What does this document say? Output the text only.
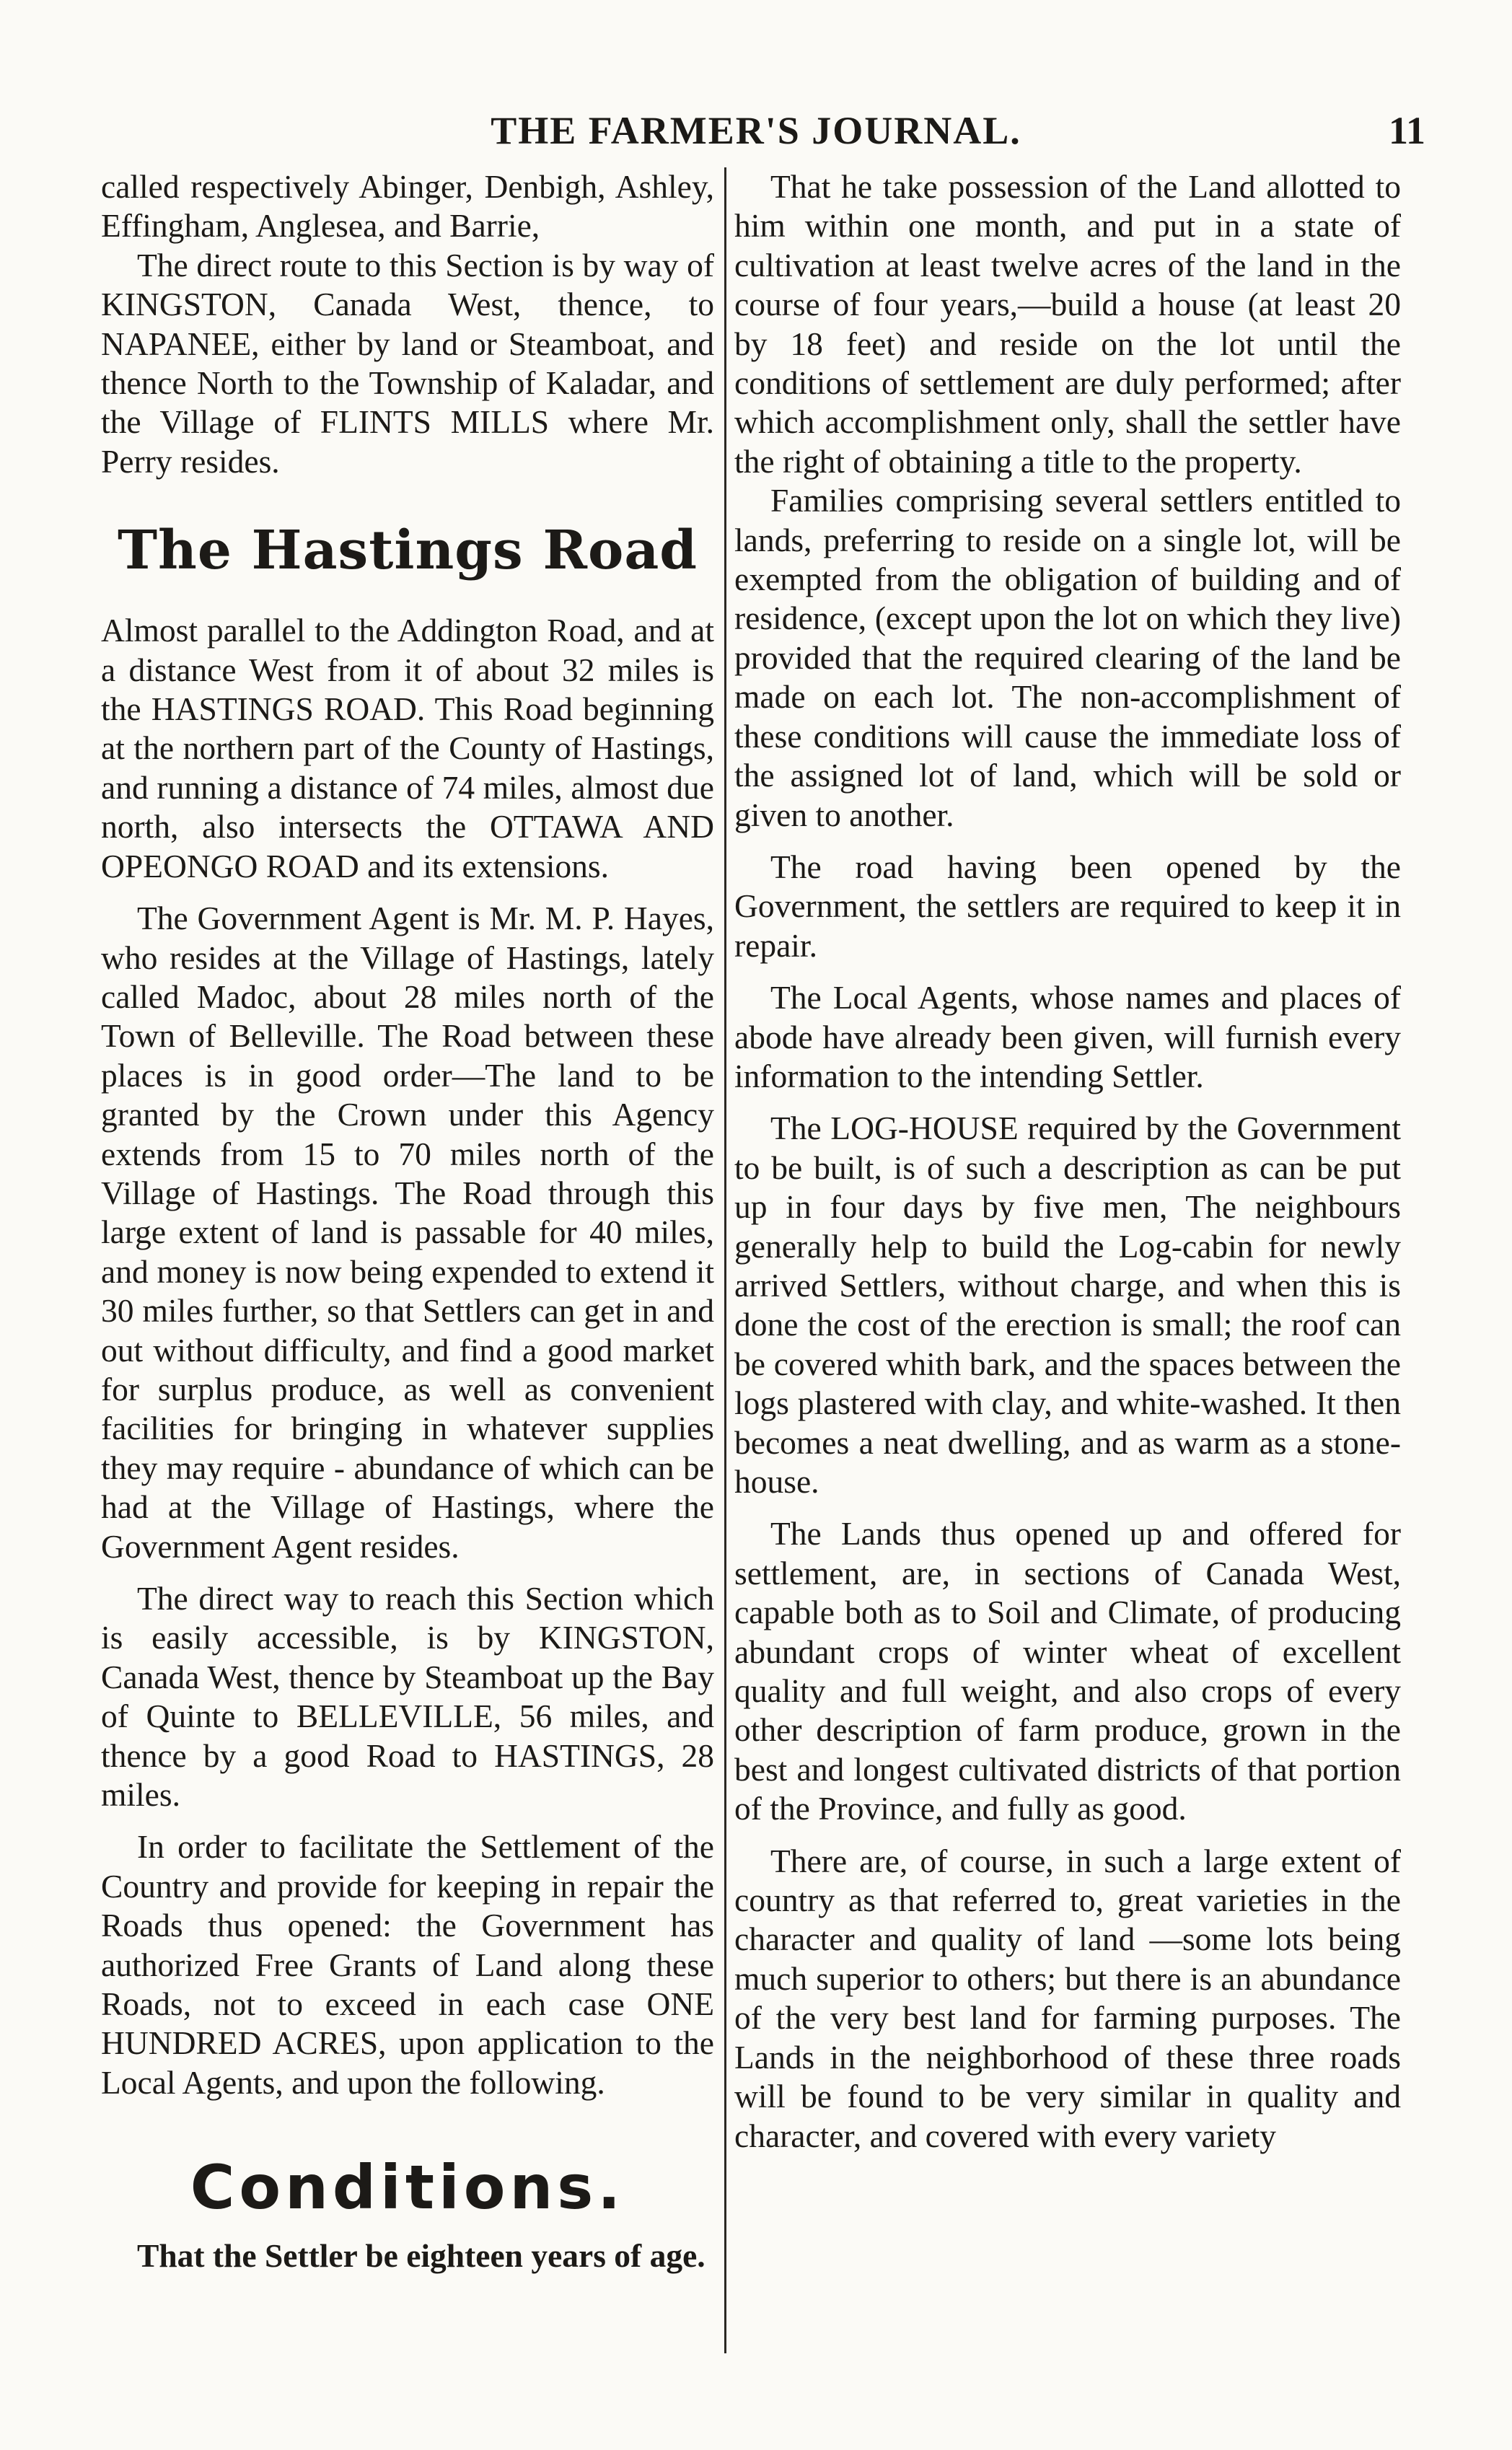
THE FARMER'S JOURNAL.	11

called respectively Abinger, Denbigh, Ashley, Effingham, Anglesea, and Barrie,

The direct route to this Section is by way of KINGSTON, Canada West, thence, to NAPANEE, either by land or Steamboat, and thence North to the Township of Kaladar, and the Village of FLINTS MILLS where Mr. Perry resides.

The Hastings Road

Almost parallel to the Addington Road, and at a distance West from it of about 32 miles is the HASTINGS ROAD. This Road beginning at the northern part of the County of Hastings, and running a distance of 74 miles, almost due north, also intersects the OTTAWA AND OPEONGO ROAD and its extensions.

The Government Agent is Mr. M. P. Hayes, who resides at the Village of Hastings, lately called Madoc, about 28 miles north of the Town of Belleville. The Road between these places is in good order—The land to be granted by the Crown under this Agency extends from 15 to 70 miles north of the Village of Hastings. The Road through this large extent of land is passable for 40 miles, and money is now being expended to extend it 30 miles further, so that Settlers can get in and out without difficulty, and find a good market for surplus produce, as well as convenient facilities for bringing in whatever supplies they may require - abundance of which can be had at the Village of Hastings, where the Government Agent resides.

The direct way to reach this Section which is easily accessible, is by KINGSTON, Canada West, thence by Steamboat up the Bay of Quinte to BELLEVILLE, 56 miles, and thence by a good Road to HASTINGS, 28 miles.

In order to facilitate the Settlement of the Country and provide for keeping in repair the Roads thus opened: the Government has authorized Free Grants of Land along these Roads, not to exceed in each case ONE HUNDRED ACRES, upon application to the Local Agents, and upon the following.

Conditions.

That the Settler be eighteen years of age.

That he take possession of the Land allotted to him within one month, and put in a state of cultivation at least twelve acres of the land in the course of four years,—build a house (at least 20 by 18 feet) and reside on the lot until the conditions of settlement are duly performed; after which accomplishment only, shall the settler have the right of obtaining a title to the property.

Families comprising several settlers entitled to lands, preferring to reside on a single lot, will be exempted from the obligation of building and of residence, (except upon the lot on which they live) provided that the required clearing of the land be made on each lot. The non-accomplishment of these conditions will cause the immediate loss of the assigned lot of land, which will be sold or given to another.

The road having been opened by the Government, the settlers are required to keep it in repair.

The Local Agents, whose names and places of abode have already been given, will furnish every information to the intending Settler.

The LOG-HOUSE required by the Government to be built, is of such a description as can be put up in four days by five men, The neighbours generally help to build the Log-cabin for newly arrived Settlers, without charge, and when this is done the cost of the erection is small; the roof can be covered whith bark, and the spaces between the logs plastered with clay, and white-washed. It then becomes a neat dwelling, and as warm as a stone-house.

The Lands thus opened up and offered for settlement, are, in sections of Canada West, capable both as to Soil and Climate, of producing abundant crops of winter wheat of excellent quality and full weight, and also crops of every other description of farm produce, grown in the best and longest cultivated districts of that portion of the Province, and fully as good.

There are, of course, in such a large extent of country as that referred to, great varieties in the character and quality of land —some lots being much superior to others; but there is an abundance of the very best land for farming purposes. The Lands in the neighborhood of these three roads will be found to be very similar in quality and character, and covered with every variety
